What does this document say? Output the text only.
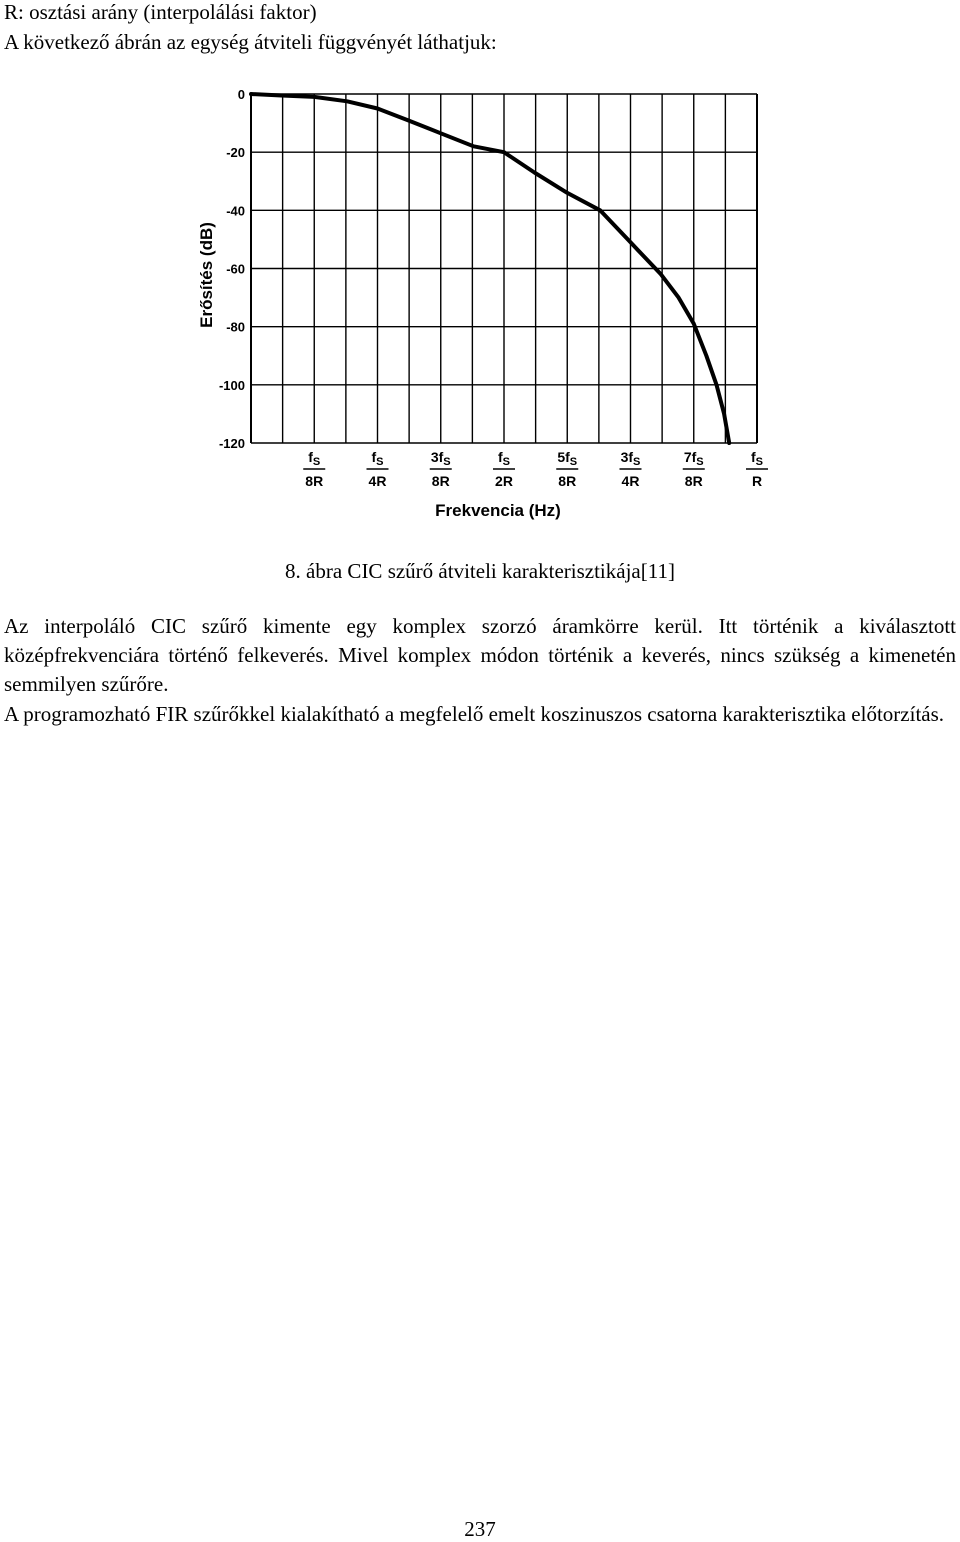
R: osztási arány (interpolálási faktor)
A következő ábrán az egység átviteli függvényét láthatjuk:
0
-20
-40
-60
-80
-100
-120
$f_S$
8R
$f_S$
4R
$3f_S$
8R
$f_S$
2R
$5f_S$
8R
$3f_S$
4R
$7f_S$
8R
$f_S$
R
Erősítés (dB)
Frekvencia (Hz)
8. ábra CIC szűrő átviteli karakterisztikája[11]
Az interpoláló CIC szűrő kimente egy komplex szorzó áramkörre kerül. Itt történik a kiválasztott középfrekvenciára történő felkeverés. Mivel komplex módon történik a keverés, nincs szükség a kimenetén semmilyen szűrőre.
A programozható FIR szűrőkkel kialakítható a megfelelő emelt koszinuszos csatorna karakterisztika előtorzítás.
237
